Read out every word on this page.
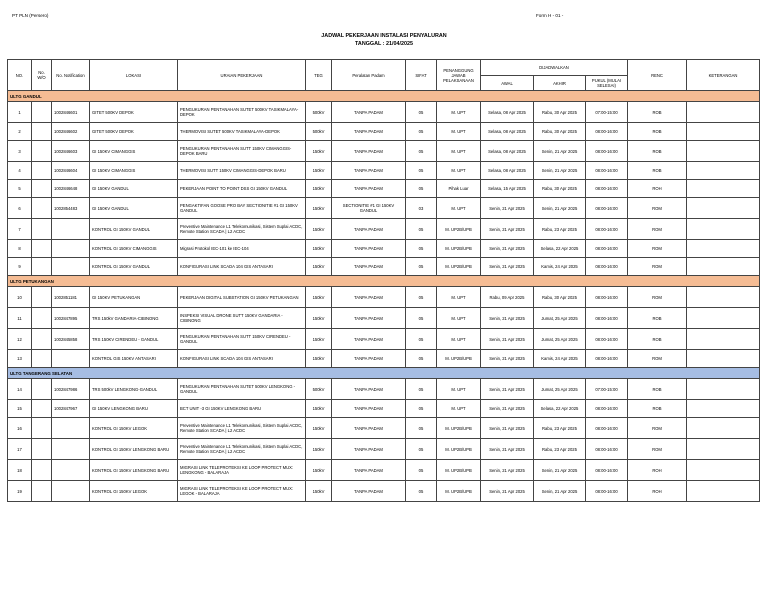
PT PLN (Persero)	Form H - 01 -
JADWAL PEKERJAAN INSTALASI PENYALURAN
TANGGAL : 21/04/2025
NO.	No. W/O	No. Notification	LOKASI	URAIAN PEKERJAAN	TEG	Peralatan Padam	SIFAT	PENANGGUNG JAWAB PELAKSANAAN	DIJADWALKAN			RENC	KETERANGAN
									AWAL	AKHIR	PUKUL (MULAI SELESAI)		
ULTG GANDUL													
1		1002846601	GITET 500KV DEPOK	PENGUKURAN PENTANAHAN SUTET 500KV TASIKMALAYA-DEPOK	500kV	TANPA PADAM	05	M. UPT	Selasa, 08 Apr 2025	Rabu, 30 Apr 2025	07:00-15:00	ROB	
2		1002846602	GITET 500KV DEPOK	THERMOVISI SUTET 500KV TASIKMALAYA-DEPOK	500kV	TANPA PADAM	05	M. UPT	Selasa, 08 Apr 2025	Rabu, 30 Apr 2025	08:00-16:00	ROB	
3		1002846603	GI 150KV CIMANGGIS	PENGUKURAN PENTANAHAN SUTT 150KV CIMANGGIS-DEPOK BARU	150kV	TANPA PADAM	05	M. UPT	Selasa, 08 Apr 2025	Senin, 21 Apr 2025	08:00-16:00	ROB	
4		1002846604	GI 150KV CIMANGGIS	THERMOVISI SUTT 150KV CIMANGGIS-DEPOK BARU	150kV	TANPA PADAM	05	M. UPT	Selasa, 08 Apr 2025	Senin, 21 Apr 2025	08:00-16:00	ROB	
5		1002846648	GI 150KV GANDUL	PEKERJAAN POINT TO POINT DSS GI 150KV GANDUL	150kV	TANPA PADAM	05	Pihak Luar	Selasa, 15 Apr 2025	Rabu, 30 Apr 2025	08:00-16:00	ROH	
6		1002854483	GI 150KV GANDUL	PENGAKTIFAN GOOSE PRO BAY SECTIONITIE #1 GI 150KV GANDUL	150kV	SECTIONITIE #1 GI 150KV GANDUL	03	M. UPT	Senin, 21 Apr 2025	Senin, 21 Apr 2025	08:00-16:00	ROM	
7			KONTROL GI 150KV GANDUL	Preventive Maintenance L1 Telekomunikasi, Sistem Suplai ACDC, Remote Station SCADA | L2 ACDC	150kV	TANPA PADAM	05	M. UP2B/UPB	Senin, 21 Apr 2025	Rabu, 23 Apr 2025	08:00-16:00	ROM	
8			KONTROL GI 150KV CIMANGGIS	Migrasi Protokol IEC-101 ke IEC-104	150kV	TANPA PADAM	05	M. UP2B/UPB	Senin, 21 Apr 2025	Selasa, 22 Apr 2025	08:00-16:00	ROM	
9			KONTROL GI 150KV GANDUL	KONFIGURASI LINK SCADA 104 GIS ANTASARI	150kV	TANPA PADAM	05	M. UP2B/UPB	Senin, 21 Apr 2025	Kamis, 24 Apr 2025	08:00-16:00	ROM	
ULTG PETUKANGAN													
10		1002851181	GI 150KV PETUKANGAN	PEKERJAAN DIGITAL SUBSTATION GI 150KV PETUKANGAN	150kV	TANPA PADAM	05	M. UPT	Rabu, 09 Apr 2025	Rabu, 30 Apr 2025	08:00-16:00	ROM	
11		1002847895	TRS 150kV GANDARIA-CIBINONG	INSPEKSI VISUAL DRONE SUTT 150KV GANDARIA - CIBINONG	150kV	TANPA PADAM	05	M. UPT	Senin, 21 Apr 2025	Jumat, 25 Apr 2025	08:00-16:00	ROB	
12		1002845858	TRS 150KV CIRENDEU - GANDUL	PENGUKURAN PENTANAHAN SUTT 150KV CIRENDEU - GANDUL	150kV	TANPA PADAM	05	M. UPT	Senin, 21 Apr 2025	Jumat, 25 Apr 2025	08:00-16:00	ROB	
13			KONTROL GIS 150KV ANTASARI	KONFIGURASI LINK SCADA 104 GIS ANTASARI	150kV	TANPA PADAM	05	M. UP2B/UPB	Senin, 21 Apr 2025	Kamis, 24 Apr 2025	08:00-16:00	ROM	
ULTG TANGERANG SELATAN													
14		1002847986	TRS 500kV LENGKONG-GANDUL	PENGUKURAN PENTANAHAN SUTET 500KV LENGKONG - GANDUL	500kV	TANPA PADAM	05	M. UPT	Senin, 21 Apr 2025	Jumat, 25 Apr 2025	07:00-15:00	ROB	
15		1002847967	GI 150KV LENGKONG BARU	BCT UNIT -3 GI 150KV LENGKONG BARU	150kV	TANPA PADAM	05	M. UPT	Senin, 21 Apr 2025	Selasa, 22 Apr 2025	08:00-16:00	ROB	
16			KONTROL GI 150KV LEGOK	Preventive Maintenance L1 Telekomunikasi, Sistem Suplai ACDC, Remote Station SCADA | L2 ACDC	150kV	TANPA PADAM	05	M. UP2B/UPB	Senin, 21 Apr 2025	Rabu, 23 Apr 2025	08:00-16:00	ROM	
17			KONTROL GI 150KV LENGKONG BARU	Preventive Maintenance L1 Telekomunikasi, Sistem Suplai ACDC, Remote Station SCADA | L2 ACDC	150kV	TANPA PADAM	05	M. UP2B/UPB	Senin, 21 Apr 2025	Rabu, 23 Apr 2025	08:00-16:00	ROM	
18			KONTROL GI 150KV LENGKONG BARU	MIGRASI LINK TELEPROTEKSI KE LOOP PROTECT MUX: LENGKONG - BALARAJA	150kV	TANPA PADAM	05	M. UP2B/UPB	Senin, 21 Apr 2025	Senin, 21 Apr 2025	08:00-16:00	ROH	
19			KONTROL GI 150KV LEGOK	MIGRASI LINK TELEPROTEKSI KE LOOP PROTECT MUX: LEGOK - BALARAJA	150kV	TANPA PADAM	05	M. UP2B/UPB	Senin, 21 Apr 2025	Senin, 21 Apr 2025	08:00-16:00	ROH	
